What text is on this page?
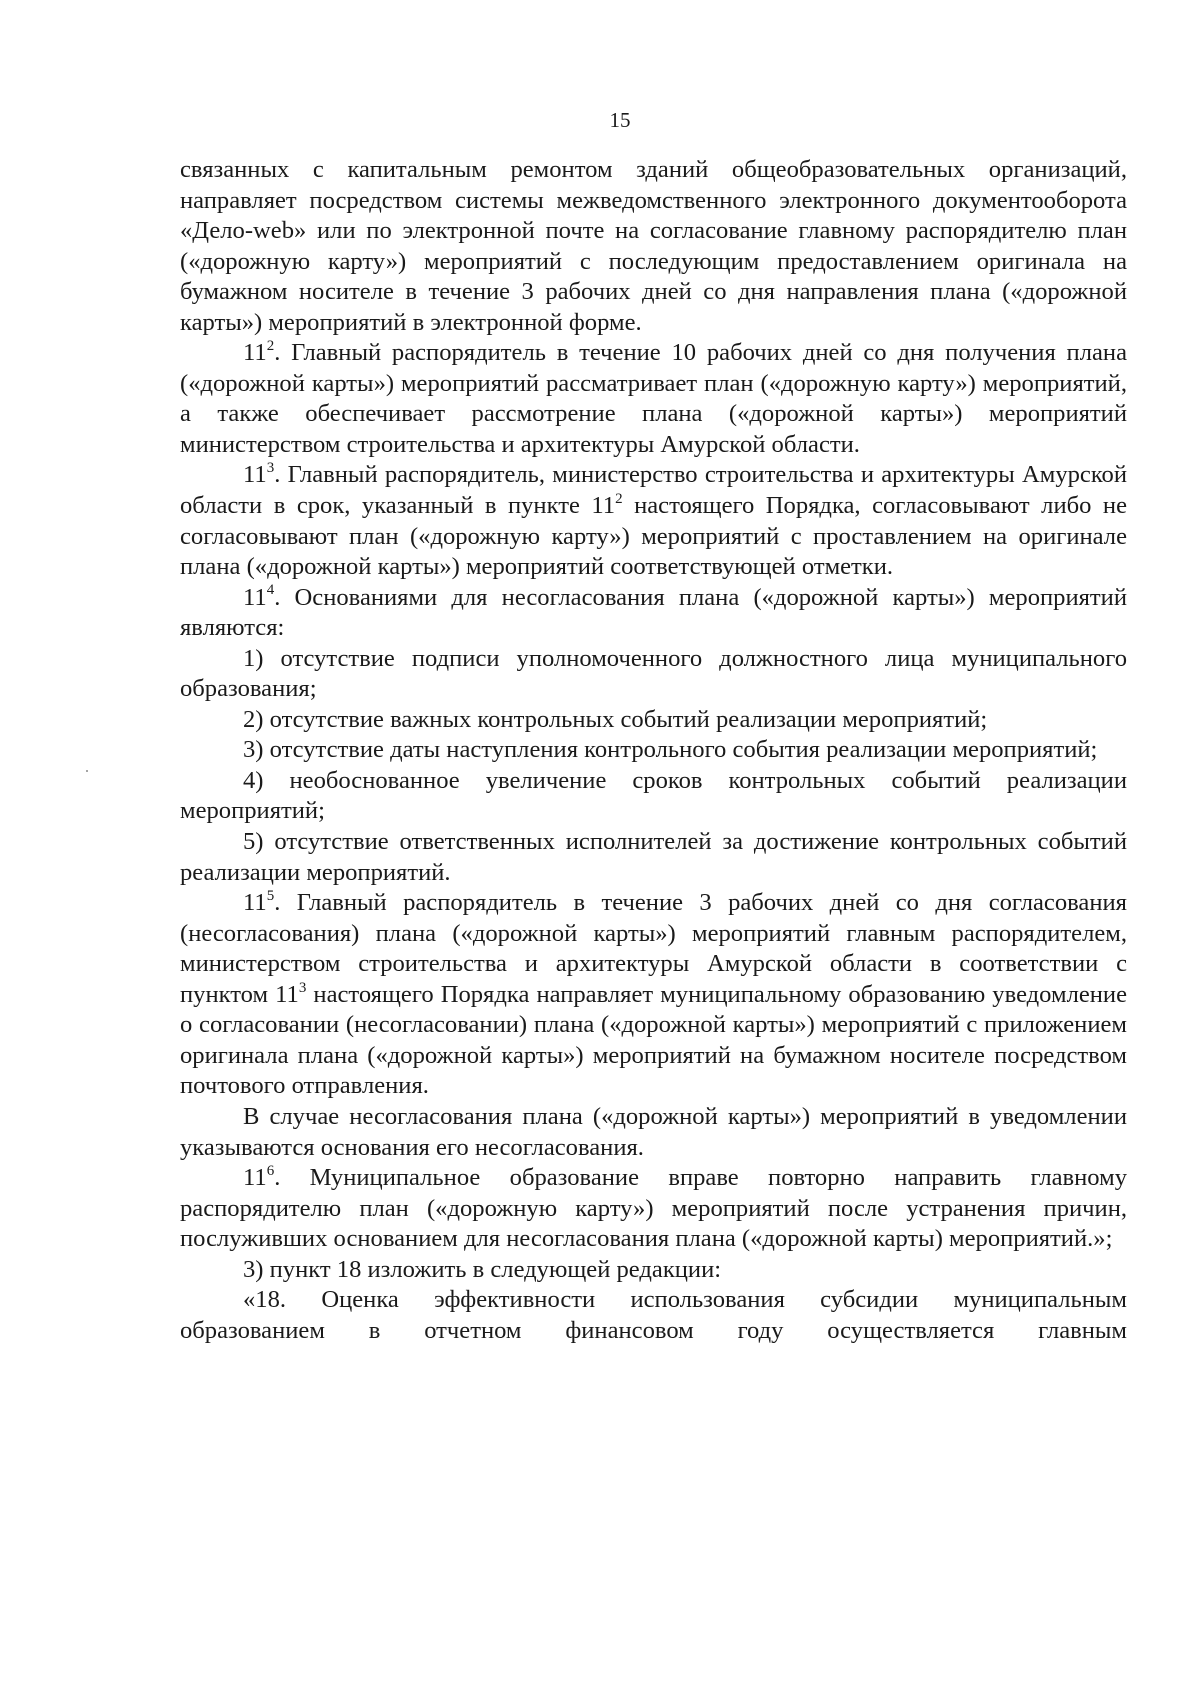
15

связанных с капитальным ремонтом зданий общеобразовательных организаций, направляет посредством системы межведомственного электронного документооборота «Дело-web» или по электронной почте на согласование главному распорядителю план («дорожную карту») мероприятий с последующим предоставлением оригинала на бумажном носителе в течение 3 рабочих дней со дня направления плана («дорожной карты») мероприятий в электронной форме.

$11^2$. Главный распорядитель в течение 10 рабочих дней со дня получения плана («дорожной карты») мероприятий рассматривает план («дорожную карту») мероприятий, а также обеспечивает рассмотрение плана («дорожной карты») мероприятий министерством строительства и архитектуры Амурской области.

$11^3$. Главный распорядитель, министерство строительства и архитектуры Амурской области в срок, указанный в пункте $11^2$ настоящего Порядка, согласовывают либо не согласовывают план («дорожную карту») мероприятий с проставлением на оригинале плана («дорожной карты») мероприятий соответствующей отметки.

$11^4$. Основаниями для несогласования плана («дорожной карты») мероприятий являются:

1) отсутствие подписи уполномоченного должностного лица муниципального образования;

2) отсутствие важных контрольных событий реализации мероприятий;

3) отсутствие даты наступления контрольного события реализации мероприятий;

4) необоснованное увеличение сроков контрольных событий реализации мероприятий;

5) отсутствие ответственных исполнителей за достижение контрольных событий реализации мероприятий.

$11^5$. Главный распорядитель в течение 3 рабочих дней со дня согласования (несогласования) плана («дорожной карты») мероприятий главным распорядителем, министерством строительства и архитектуры Амурской области в соответствии с пунктом $11^3$ настоящего Порядка направляет муниципальному образованию уведомление о согласовании (несогласовании) плана («дорожной карты») мероприятий с приложением оригинала плана («дорожной карты») мероприятий на бумажном носителе посредством почтового отправления.

В случае несогласования плана («дорожной карты») мероприятий в уведомлении указываются основания его несогласования.

$11^6$. Муниципальное образование вправе повторно направить главному распорядителю план («дорожную карту») мероприятий после устранения причин, послуживших основанием для несогласования плана («дорожной карты) мероприятий.»;

3) пункт 18 изложить в следующей редакции:

«18. Оценка эффективности использования субсидии муниципальным образованием в отчетном финансовом году осуществляется главным
